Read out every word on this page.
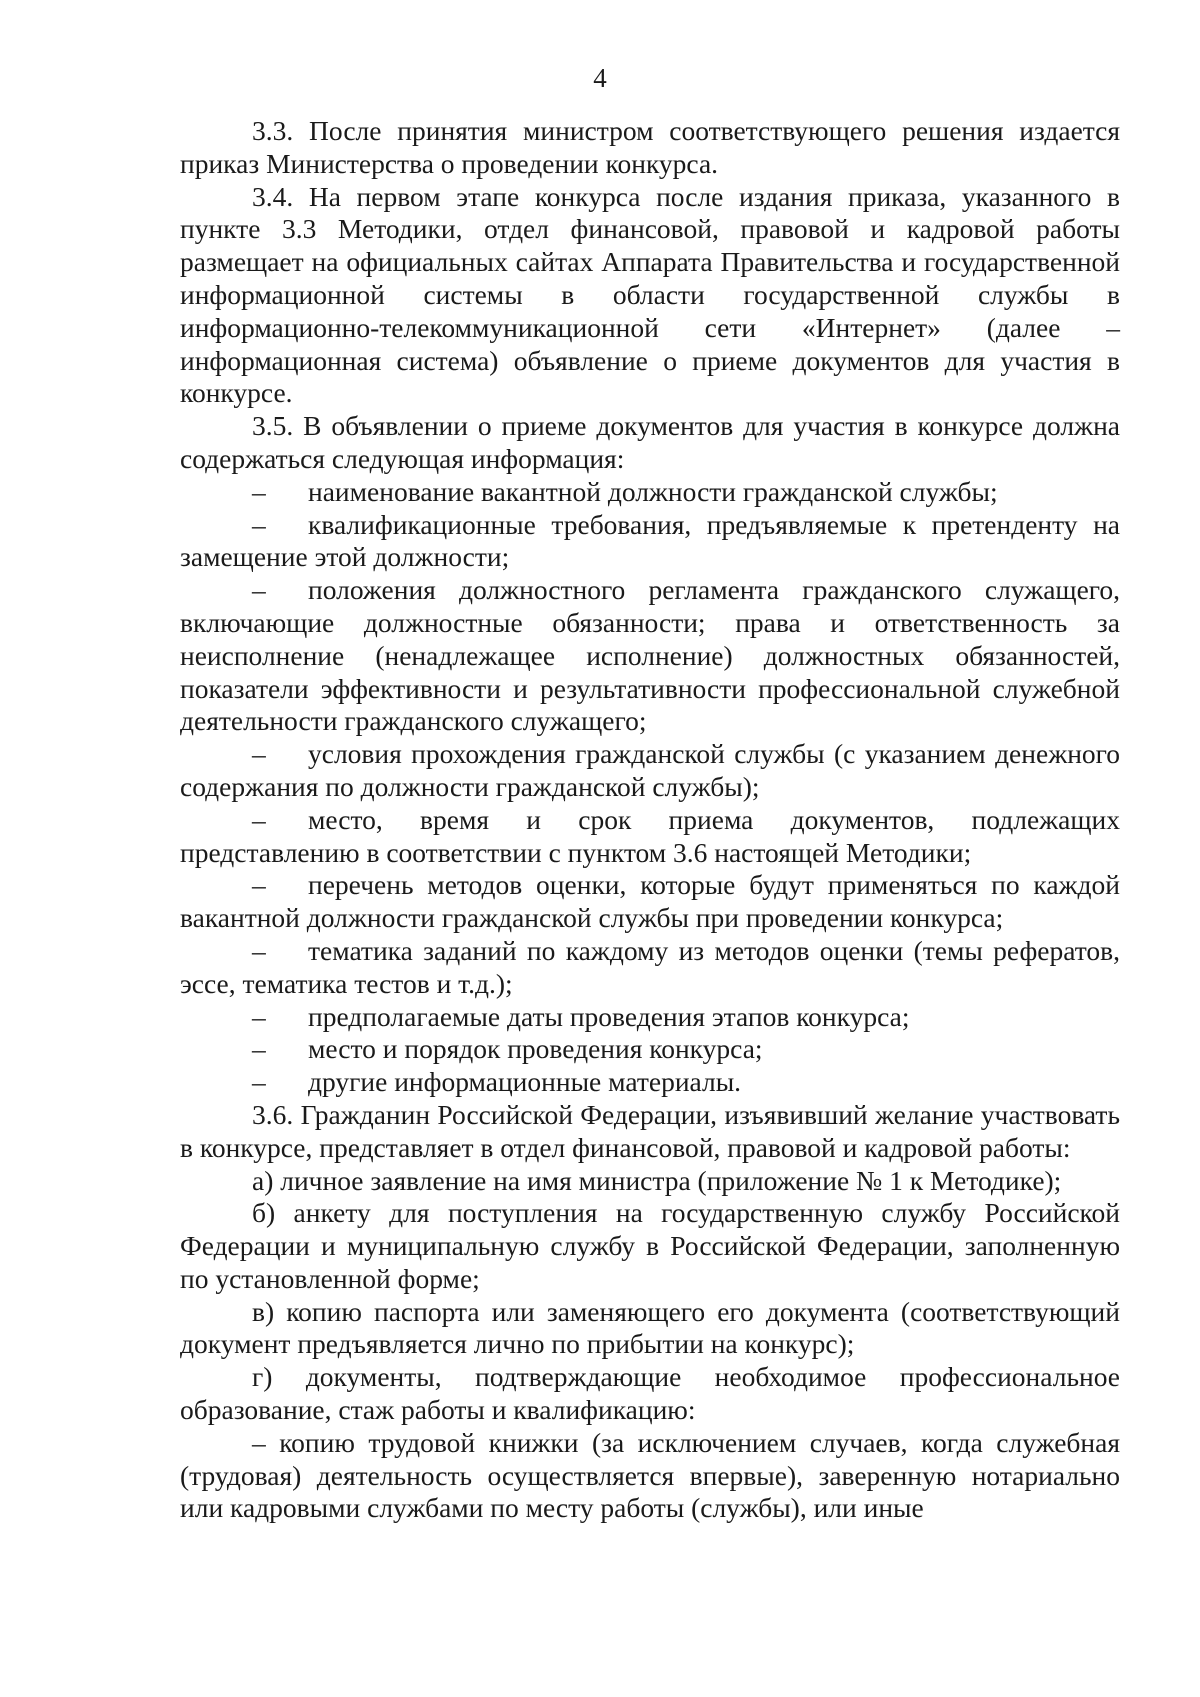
4

3.3. После принятия министром соответствующего решения издается приказ Министерства о проведении конкурса.

3.4. На первом этапе конкурса после издания приказа, указанного в пункте 3.3 Методики, отдел финансовой, правовой и кадровой работы размещает на официальных сайтах Аппарата Правительства и государственной информационной системы в области государственной службы в информационно-телекоммуникационной сети «Интернет» (далее – информационная система) объявление о приеме документов для участия в конкурсе.

3.5. В объявлении о приеме документов для участия в конкурсе должна содержаться следующая информация:

– наименование вакантной должности гражданской службы;

– квалификационные требования, предъявляемые к претенденту на замещение этой должности;

– положения должностного регламента гражданского служащего, включающие должностные обязанности; права и ответственность за неисполнение (ненадлежащее исполнение) должностных обязанностей, показатели эффективности и результативности профессиональной служебной деятельности гражданского служащего;

– условия прохождения гражданской службы (с указанием денежного содержания по должности гражданской службы);

– место, время и срок приема документов, подлежащих представлению в соответствии с пунктом 3.6 настоящей Методики;

– перечень методов оценки, которые будут применяться по каждой вакантной должности гражданской службы при проведении конкурса;

– тематика заданий по каждому из методов оценки (темы рефератов, эссе, тематика тестов и т.д.);

– предполагаемые даты проведения этапов конкурса;

– место и порядок проведения конкурса;

– другие информационные материалы.

3.6. Гражданин Российской Федерации, изъявивший желание участвовать в конкурсе, представляет в отдел финансовой, правовой и кадровой работы:

а) личное заявление на имя министра (приложение № 1 к Методике);

б) анкету для поступления на государственную службу Российской Федерации и муниципальную службу в Российской Федерации, заполненную по установленной форме;

в) копию паспорта или заменяющего его документа (соответствующий документ предъявляется лично по прибытии на конкурс);

г) документы, подтверждающие необходимое профессиональное образование, стаж работы и квалификацию:

– копию трудовой книжки (за исключением случаев, когда служебная (трудовая) деятельность осуществляется впервые), заверенную нотариально или кадровыми службами по месту работы (службы), или иные
